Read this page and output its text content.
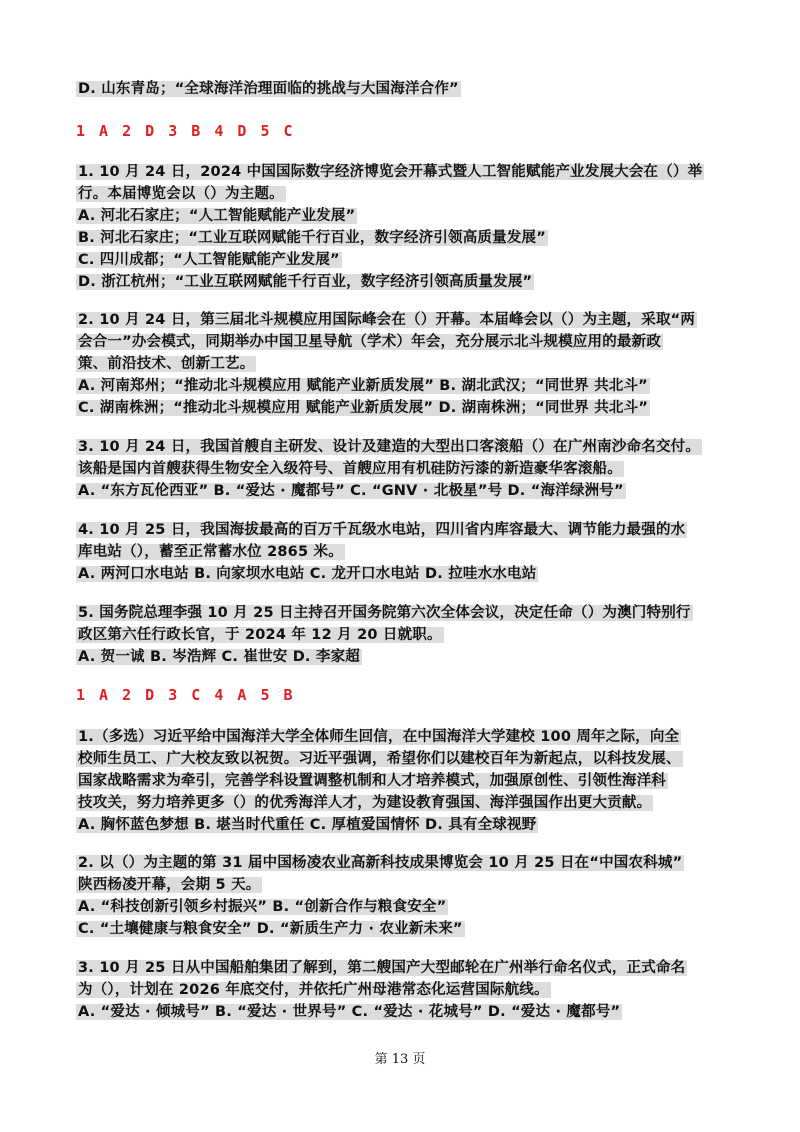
D. 山东青岛；“全球海洋治理面临的挑战与大国海洋合作”
1 A 2 D 3 B 4 D 5 C
1. 10 月 24 日，2024 中国国际数字经济博览会开幕式暨人工智能赋能产业发展大会在（）举
行。本届博览会以（）为主题。
A. 河北石家庄；“人工智能赋能产业发展”
B. 河北石家庄；“工业互联网赋能千行百业，数字经济引领高质量发展”
C. 四川成都；“人工智能赋能产业发展”
D. 浙江杭州；“工业互联网赋能千行百业，数字经济引领高质量发展”
2. 10 月 24 日，第三届北斗规模应用国际峰会在（）开幕。本届峰会以（）为主题，采取“两
会合一”办会模式，同期举办中国卫星导航（学术）年会，充分展示北斗规模应用的最新政
策、前沿技术、创新工艺。
A. 河南郑州；“推动北斗规模应用 赋能产业新质发展” B. 湖北武汉；“同世界 共北斗”
C. 湖南株洲；“推动北斗规模应用 赋能产业新质发展” D. 湖南株洲；“同世界 共北斗”
3. 10 月 24 日，我国首艘自主研发、设计及建造的大型出口客滚船（）在广州南沙命名交付。
该船是国内首艘获得生物安全入级符号、首艘应用有机硅防污漆的新造豪华客滚船。
A. “东方瓦伦西亚” B. “爱达 · 魔都号” C. “GNV · 北极星”号 D. “海洋绿洲号”
4. 10 月 25 日，我国海拔最高的百万千瓦级水电站，四川省内库容最大、调节能力最强的水
库电站（），蓄至正常蓄水位 2865 米。
A. 两河口水电站 B. 向家坝水电站 C. 龙开口水电站 D. 拉哇水水电站
5. 国务院总理李强 10 月 25 日主持召开国务院第六次全体会议，决定任命（）为澳门特别行
政区第六任行政长官，于 2024 年 12 月 20 日就职。
A. 贺一诚 B. 岑浩辉 C. 崔世安 D. 李家超
1 A 2 D 3 C 4 A 5 B
1.（多选）习近平给中国海洋大学全体师生回信，在中国海洋大学建校 100 周年之际，向全
校师生员工、广大校友致以祝贺。习近平强调，希望你们以建校百年为新起点，以科技发展、
国家战略需求为牵引，完善学科设置调整机制和人才培养模式，加强原创性、引领性海洋科
技攻关，努力培养更多（）的优秀海洋人才，为建设教育强国、海洋强国作出更大贡献。
A. 胸怀蓝色梦想 B. 堪当时代重任 C. 厚植爱国情怀 D. 具有全球视野
2. 以（）为主题的第 31 届中国杨凌农业高新科技成果博览会 10 月 25 日在“中国农科城”
陕西杨凌开幕，会期 5 天。
A. “科技创新引领乡村振兴” B. “创新合作与粮食安全”
C. “土壤健康与粮食安全” D. “新质生产力 · 农业新未来”
3. 10 月 25 日从中国船舶集团了解到，第二艘国产大型邮轮在广州举行命名仪式，正式命名
为（），计划在 2026 年底交付，并依托广州母港常态化运营国际航线。
A. “爱达 · 倾城号” B. “爱达 · 世界号” C. “爱达 · 花城号” D. “爱达 · 魔都号”
第 13 页
